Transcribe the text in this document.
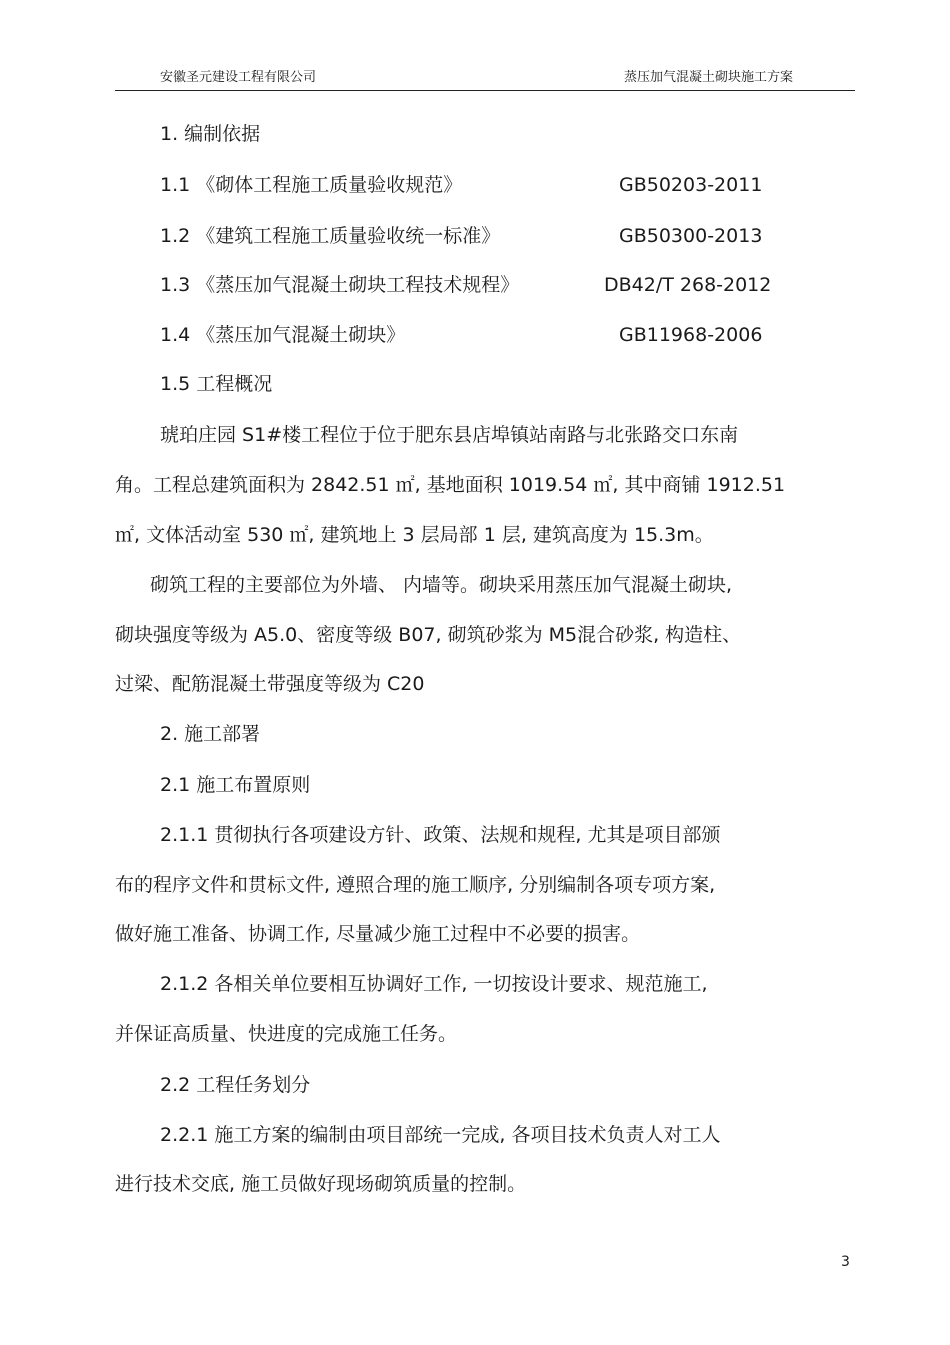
安徽圣元建设工程有限公司	蒸压加气混凝土砌块施工方案
1. 编制依据
1.1 《砌体工程施工质量验收规范》	GB50203-2011
1.2 《建筑工程施工质量验收统一标准》	GB50300-2013
1.3 《蒸压加气混凝土砌块工程技术规程》	DB42/T 268-2012
1.4 《蒸压加气混凝土砌块》	GB11968-2006
1.5 工程概况
琥珀庄园 S1#楼工程位于位于肥东县店埠镇站南路与北张路交口东南
角。工程总建筑面积为 2842.51 ㎡, 基地面积 1019.54 ㎡, 其中商铺 1912.51
㎡, 文体活动室 530 ㎡, 建筑地上 3 层局部 1 层, 建筑高度为 15.3m。
砌筑工程的主要部位为外墙、 内墙等。砌块采用蒸压加气混凝土砌块,
砌块强度等级为 A5.0、密度等级 B07, 砌筑砂浆为 M5混合砂浆, 构造柱、
过梁、配筋混凝土带强度等级为 C20
2. 施工部署
2.1 施工布置原则
2.1.1 贯彻执行各项建设方针、政策、法规和规程, 尤其是项目部颁
布的程序文件和贯标文件, 遵照合理的施工顺序, 分别编制各项专项方案,
做好施工准备、协调工作, 尽量减少施工过程中不必要的损害。
2.1.2 各相关单位要相互协调好工作, 一切按设计要求、规范施工,
并保证高质量、快进度的完成施工任务。
2.2 工程任务划分
2.2.1 施工方案的编制由项目部统一完成, 各项目技术负责人对工人
进行技术交底, 施工员做好现场砌筑质量的控制。
3
